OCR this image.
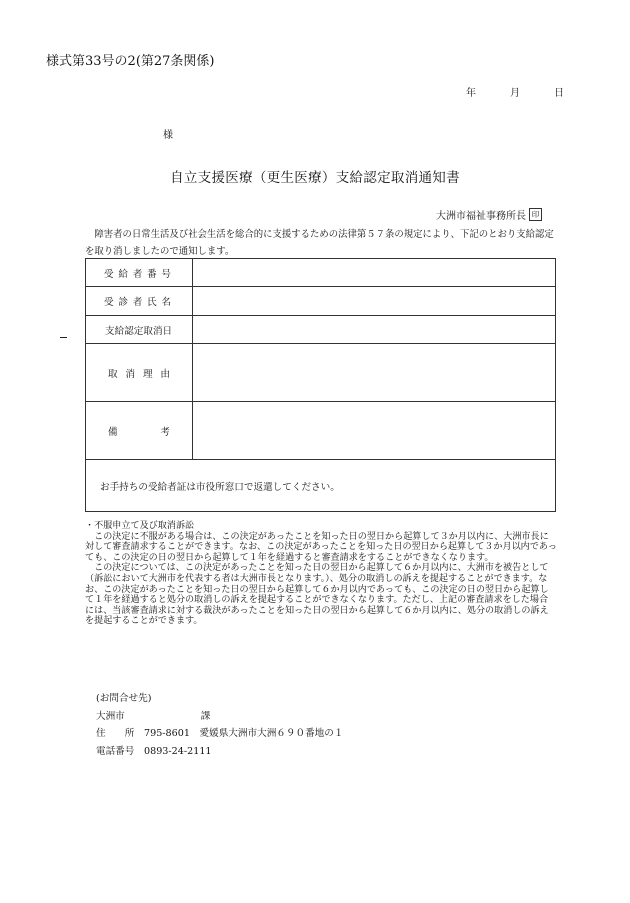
様式第33号の2(第27条関係)
年	月	日
様
自立支援医療（更生医療）支給認定取消通知書
大洲市福祉事務所長 印
障害者の日常生活及び社会生活を総合的に支援するための法律第５７条の規定により、下記のとおり支給認定を取り消しましたので通知します。
受 給 者 番 号	

受 診 者 氏 名	

支給認定取消日	

取 消 理 由	

備 考	

お手持ちの受給者証は市役所窓口で返還してください。	
・不服申立て及び取消訴訟
この決定に不服がある場合は、この決定があったことを知った日の翌日から起算して３か月以内に、大洲市長に対して審査請求することができます。なお、この決定があったことを知った日の翌日から起算して３か月以内であっても、この決定の日の翌日から起算して１年を経過すると審査請求をすることができなくなります。
この決定については、この決定があったことを知った日の翌日から起算して６か月以内に、大洲市を被告として（訴訟において大洲市を代表する者は大洲市長となります。）、処分の取消しの訴えを提起することができます。なお、この決定があったことを知った日の翌日から起算して６か月以内であっても、この決定の日の翌日から起算して１年を経過すると処分の取消しの訴えを提起することができなくなります。ただし、上記の審査請求をした場合には、当該審査請求に対する裁決があったことを知った日の翌日から起算して６か月以内に、処分の取消しの訴えを提起することができます。
(お問合せ先)
大洲市	課
住　　所	795-8601　愛媛県大洲市大洲６９０番地の１
電話番号	0893-24-2111
